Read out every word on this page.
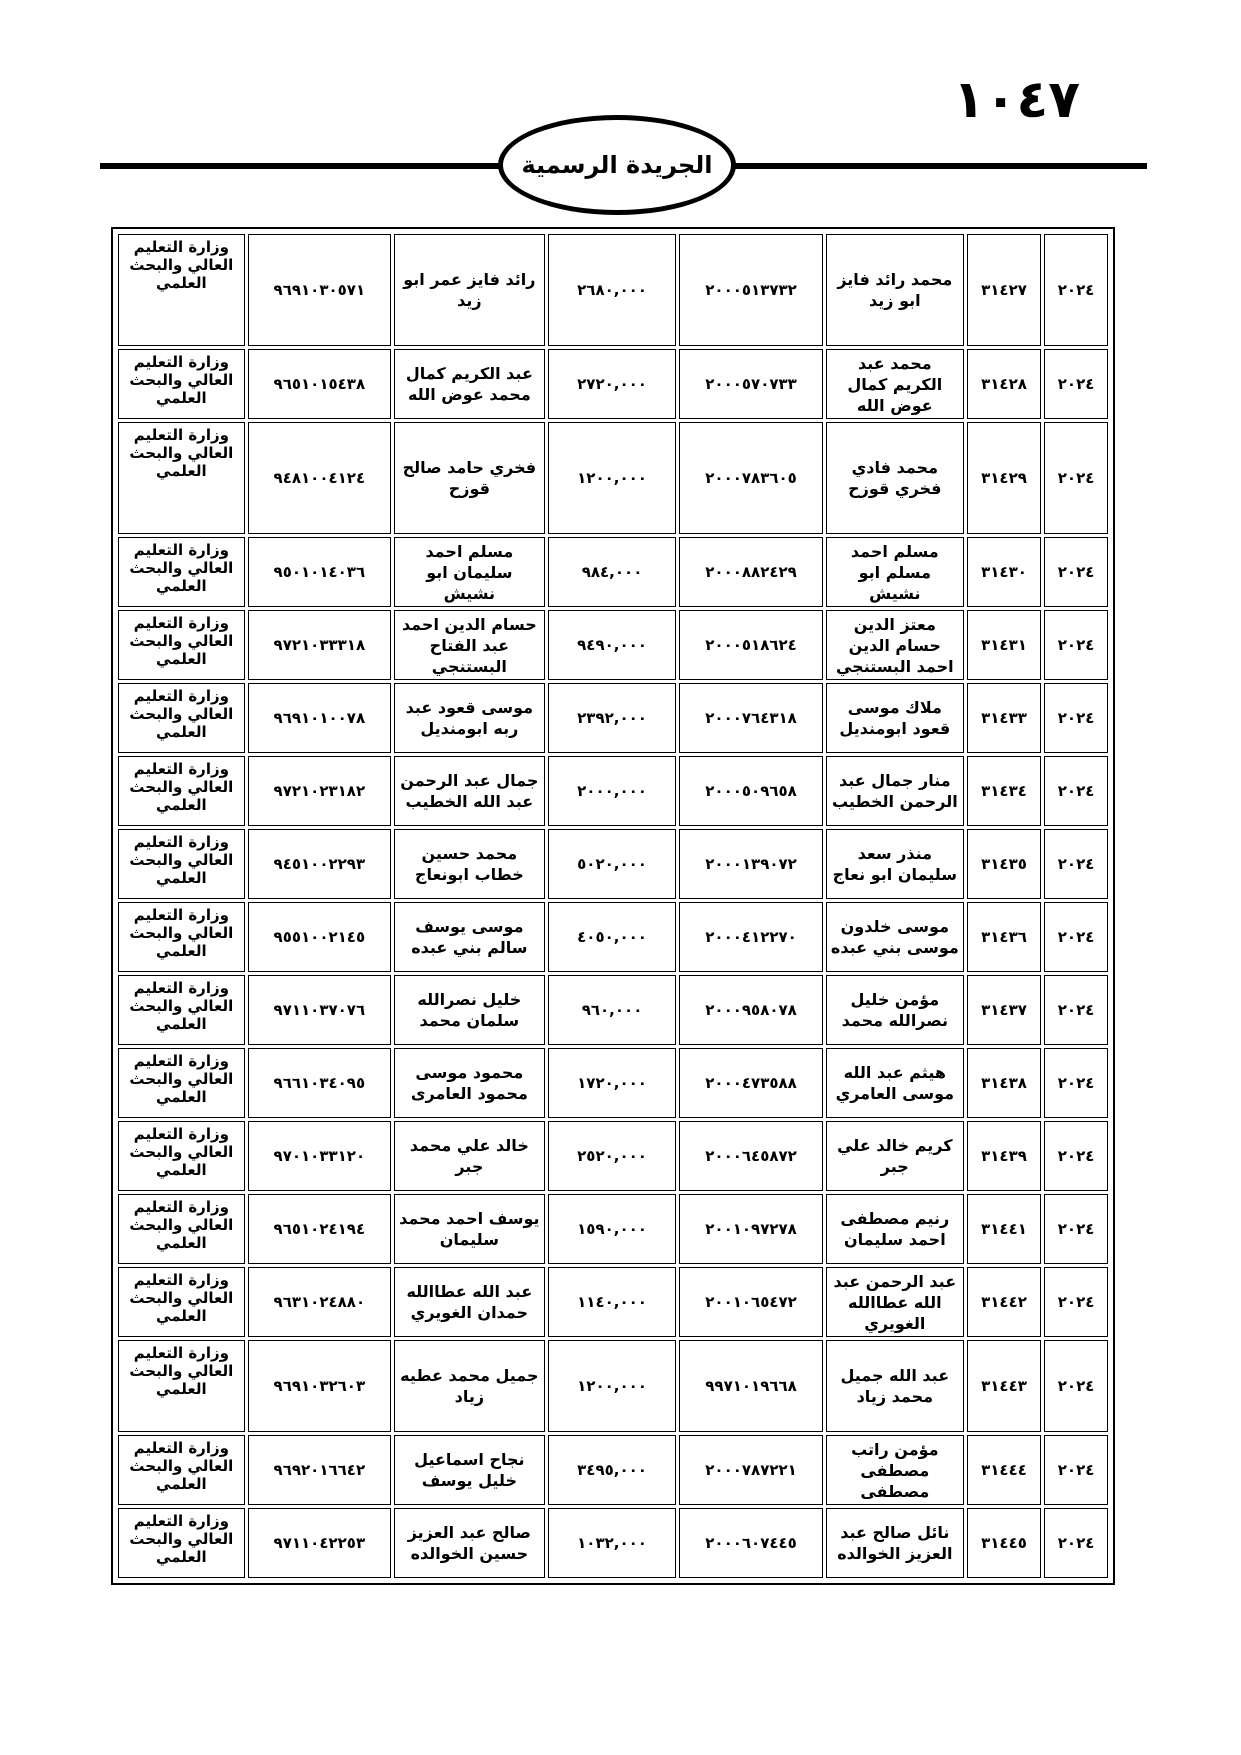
١٠٤٧
الجريدة الرسمية
٢٠٢٤	٣١٤٢٧	محمد رائد فايز ابو زيد	٢٠٠٠٥١٣٧٣٢	٢٦٨٠,٠٠٠	رائد فايز عمر ابو زيد	٩٦٩١٠٣٠٥٧١	وزارة التعليم العالي والبحث العلمي
٢٠٢٤	٣١٤٢٨	محمد عبد الكريم كمال عوض الله	٢٠٠٠٥٧٠٧٣٣	٢٧٢٠,٠٠٠	عبد الكريم كمال محمد عوض الله	٩٦٥١٠١٥٤٣٨	وزارة التعليم العالي والبحث العلمي
٢٠٢٤	٣١٤٢٩	محمد فادي فخري قوزح	٢٠٠٠٧٨٣٦٠٥	١٢٠٠,٠٠٠	فخري حامد صالح قوزح	٩٤٨١٠٠٤١٢٤	وزارة التعليم العالي والبحث العلمي
٢٠٢٤	٣١٤٣٠	مسلم احمد مسلم ابو نشيش	٢٠٠٠٨٨٢٤٢٩	٩٨٤,٠٠٠	مسلم احمد سليمان ابو نشيش	٩٥٠١٠١٤٠٣٦	وزارة التعليم العالي والبحث العلمي
٢٠٢٤	٣١٤٣١	معتز الدين حسام الدين احمد البستنجي	٢٠٠٠٥١٨٦٢٤	٩٤٩٠,٠٠٠	حسام الدين احمد عبد الفتاح البستنجي	٩٧٢١٠٣٣٣١٨	وزارة التعليم العالي والبحث العلمي
٢٠٢٤	٣١٤٣٣	ملاك موسى قعود ابومنديل	٢٠٠٠٧٦٤٣١٨	٢٣٩٢,٠٠٠	موسى قعود عبد ربه ابومنديل	٩٦٩١٠١٠٠٧٨	وزارة التعليم العالي والبحث العلمي
٢٠٢٤	٣١٤٣٤	منار جمال عبد الرحمن الخطيب	٢٠٠٠٥٠٩٦٥٨	٢٠٠٠,٠٠٠	جمال عبد الرحمن عبد الله الخطيب	٩٧٢١٠٢٣١٨٢	وزارة التعليم العالي والبحث العلمي
٢٠٢٤	٣١٤٣٥	منذر سعد سليمان ابو نعاج	٢٠٠٠١٣٩٠٧٢	٥٠٢٠,٠٠٠	محمد حسين خطاب ابونعاج	٩٤٥١٠٠٢٢٩٣	وزارة التعليم العالي والبحث العلمي
٢٠٢٤	٣١٤٣٦	موسى خلدون موسى بني عبده	٢٠٠٠٤١٢٢٧٠	٤٠٥٠,٠٠٠	موسى يوسف سالم بني عبده	٩٥٥١٠٠٢١٤٥	وزارة التعليم العالي والبحث العلمي
٢٠٢٤	٣١٤٣٧	مؤمن خليل نصرالله محمد	٢٠٠٠٩٥٨٠٧٨	٩٦٠,٠٠٠	خليل نصرالله سلمان محمد	٩٧١١٠٣٧٠٧٦	وزارة التعليم العالي والبحث العلمي
٢٠٢٤	٣١٤٣٨	هيثم عبد الله موسى العامري	٢٠٠٠٤٧٣٥٨٨	١٧٢٠,٠٠٠	محمود موسى محمود العامرى	٩٦٦١٠٣٤٠٩٥	وزارة التعليم العالي والبحث العلمي
٢٠٢٤	٣١٤٣٩	كريم خالد علي جبر	٢٠٠٠٦٤٥٨٧٢	٢٥٢٠,٠٠٠	خالد علي محمد جبر	٩٧٠١٠٣٣١٢٠	وزارة التعليم العالي والبحث العلمي
٢٠٢٤	٣١٤٤١	رنيم مصطفى احمد سليمان	٢٠٠١٠٩٧٢٧٨	١٥٩٠,٠٠٠	يوسف احمد محمد سليمان	٩٦٥١٠٢٤١٩٤	وزارة التعليم العالي والبحث العلمي
٢٠٢٤	٣١٤٤٢	عبد الرحمن عبد الله عطاالله الغويري	٢٠٠١٠٦٥٤٧٢	١١٤٠,٠٠٠	عبد الله عطاالله حمدان الغويري	٩٦٣١٠٢٤٨٨٠	وزارة التعليم العالي والبحث العلمي
٢٠٢٤	٣١٤٤٣	عبد الله جميل محمد زياد	٩٩٧١٠١٩٦٦٨	١٢٠٠,٠٠٠	جميل محمد عطيه زياد	٩٦٩١٠٣٢٦٠٣	وزارة التعليم العالي والبحث العلمي
٢٠٢٤	٣١٤٤٤	مؤمن راتب مصطفى مصطفى	٢٠٠٠٧٨٧٢٢١	٣٤٩٥,٠٠٠	نجاح اسماعيل خليل يوسف	٩٦٩٢٠١٦٦٤٢	وزارة التعليم العالي والبحث العلمي
٢٠٢٤	٣١٤٤٥	نائل صالح عبد العزيز الخوالده	٢٠٠٠٦٠٧٤٤٥	١٠٣٢,٠٠٠	صالح عبد العزيز حسين الخوالده	٩٧١١٠٤٢٢٥٣	وزارة التعليم العالي والبحث العلمي
